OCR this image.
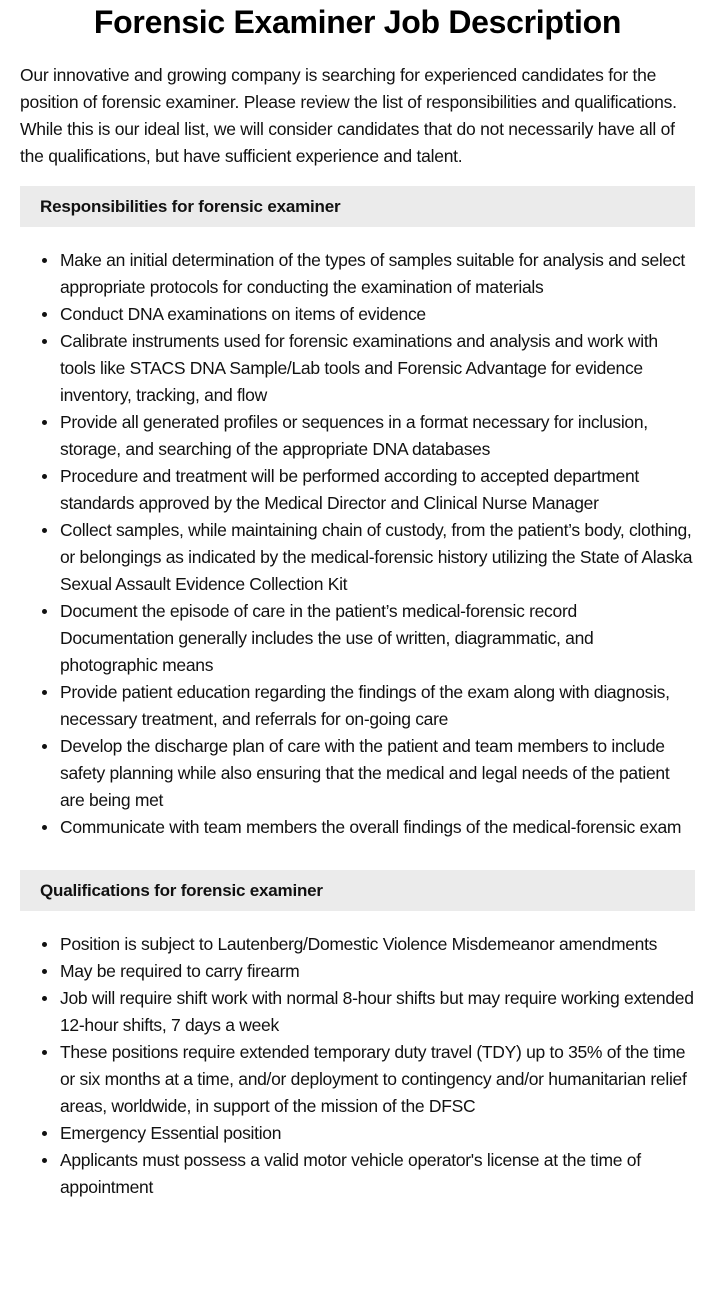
Forensic Examiner Job Description

Our innovative and growing company is searching for experienced candidates for the position of forensic examiner. Please review the list of responsibilities and qualifications. While this is our ideal list, we will consider candidates that do not necessarily have all of the qualifications, but have sufficient experience and talent.

Responsibilities for forensic examiner
Make an initial determination of the types of samples suitable for analysis and select appropriate protocols for conducting the examination of materials
Conduct DNA examinations on items of evidence
Calibrate instruments used for forensic examinations and analysis and work with tools like STACS DNA Sample/Lab tools and Forensic Advantage for evidence inventory, tracking, and flow
Provide all generated profiles or sequences in a format necessary for inclusion, storage, and searching of the appropriate DNA databases
Procedure and treatment will be performed according to accepted department standards approved by the Medical Director and Clinical Nurse Manager
Collect samples, while maintaining chain of custody, from the patient’s body, clothing, or belongings as indicated by the medical-forensic history utilizing the State of Alaska Sexual Assault Evidence Collection Kit
Document the episode of care in the patient’s medical-forensic record Documentation generally includes the use of written, diagrammatic, and photographic means
Provide patient education regarding the findings of the exam along with diagnosis, necessary treatment, and referrals for on-going care
Develop the discharge plan of care with the patient and team members to include safety planning while also ensuring that the medical and legal needs of the patient are being met
Communicate with team members the overall findings of the medical-forensic exam
Qualifications for forensic examiner
Position is subject to Lautenberg/Domestic Violence Misdemeanor amendments
May be required to carry firearm
Job will require shift work with normal 8-hour shifts but may require working extended 12-hour shifts, 7 days a week
These positions require extended temporary duty travel (TDY) up to 35% of the time or six months at a time, and/or deployment to contingency and/or humanitarian relief areas, worldwide, in support of the mission of the DFSC
Emergency Essential position
Applicants must possess a valid motor vehicle operator's license at the time of appointment
